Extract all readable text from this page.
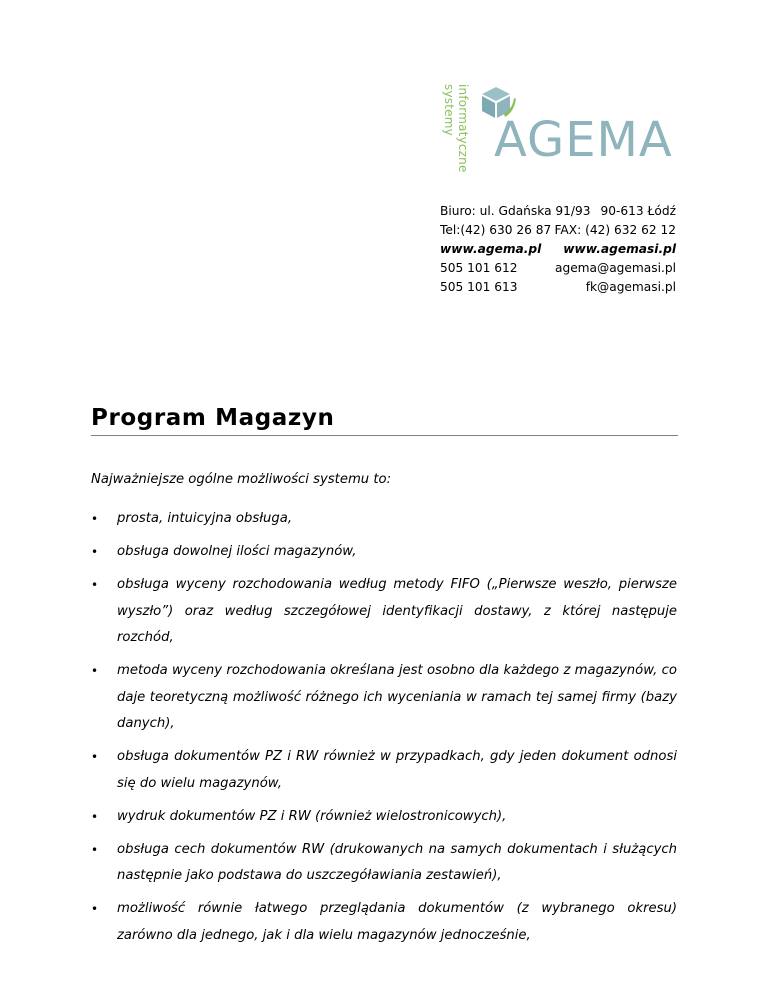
systemy informatyczne AGEMA
Biuro: ul. Gdańska 91/93 90-613 Łódź
Tel:(42) 630 26 87 FAX: (42) 632 62 12
www.agema.pl www.agemasi.pl
505 101 612	agema@agemasi.pl
505 101 613	fk@agemasi.pl
Program Magazyn
Najważniejsze ogólne możliwości systemu to:
• prosta, intuicyjna obsługa,
• obsługa dowolnej ilości magazynów,
• obsługa wyceny rozchodowania według metody FIFO („Pierwsze weszło, pierwsze wyszło”) oraz według szczegółowej identyfikacji dostawy, z której następuje rozchód,
• metoda wyceny rozchodowania określana jest osobno dla każdego z magazynów, co daje teoretyczną możliwość różnego ich wyceniania w ramach tej samej firmy (bazy danych),
• obsługa dokumentów PZ i RW również w przypadkach, gdy jeden dokument odnosi się do wielu magazynów,
• wydruk dokumentów PZ i RW (również wielostronicowych),
• obsługa cech dokumentów RW (drukowanych na samych dokumentach i służących następnie jako podstawa do uszczegóławiania zestawień),
• możliwość równie łatwego przeglądania dokumentów (z wybranego okresu) zarówno dla jednego, jak i dla wielu magazynów jednocześnie,
